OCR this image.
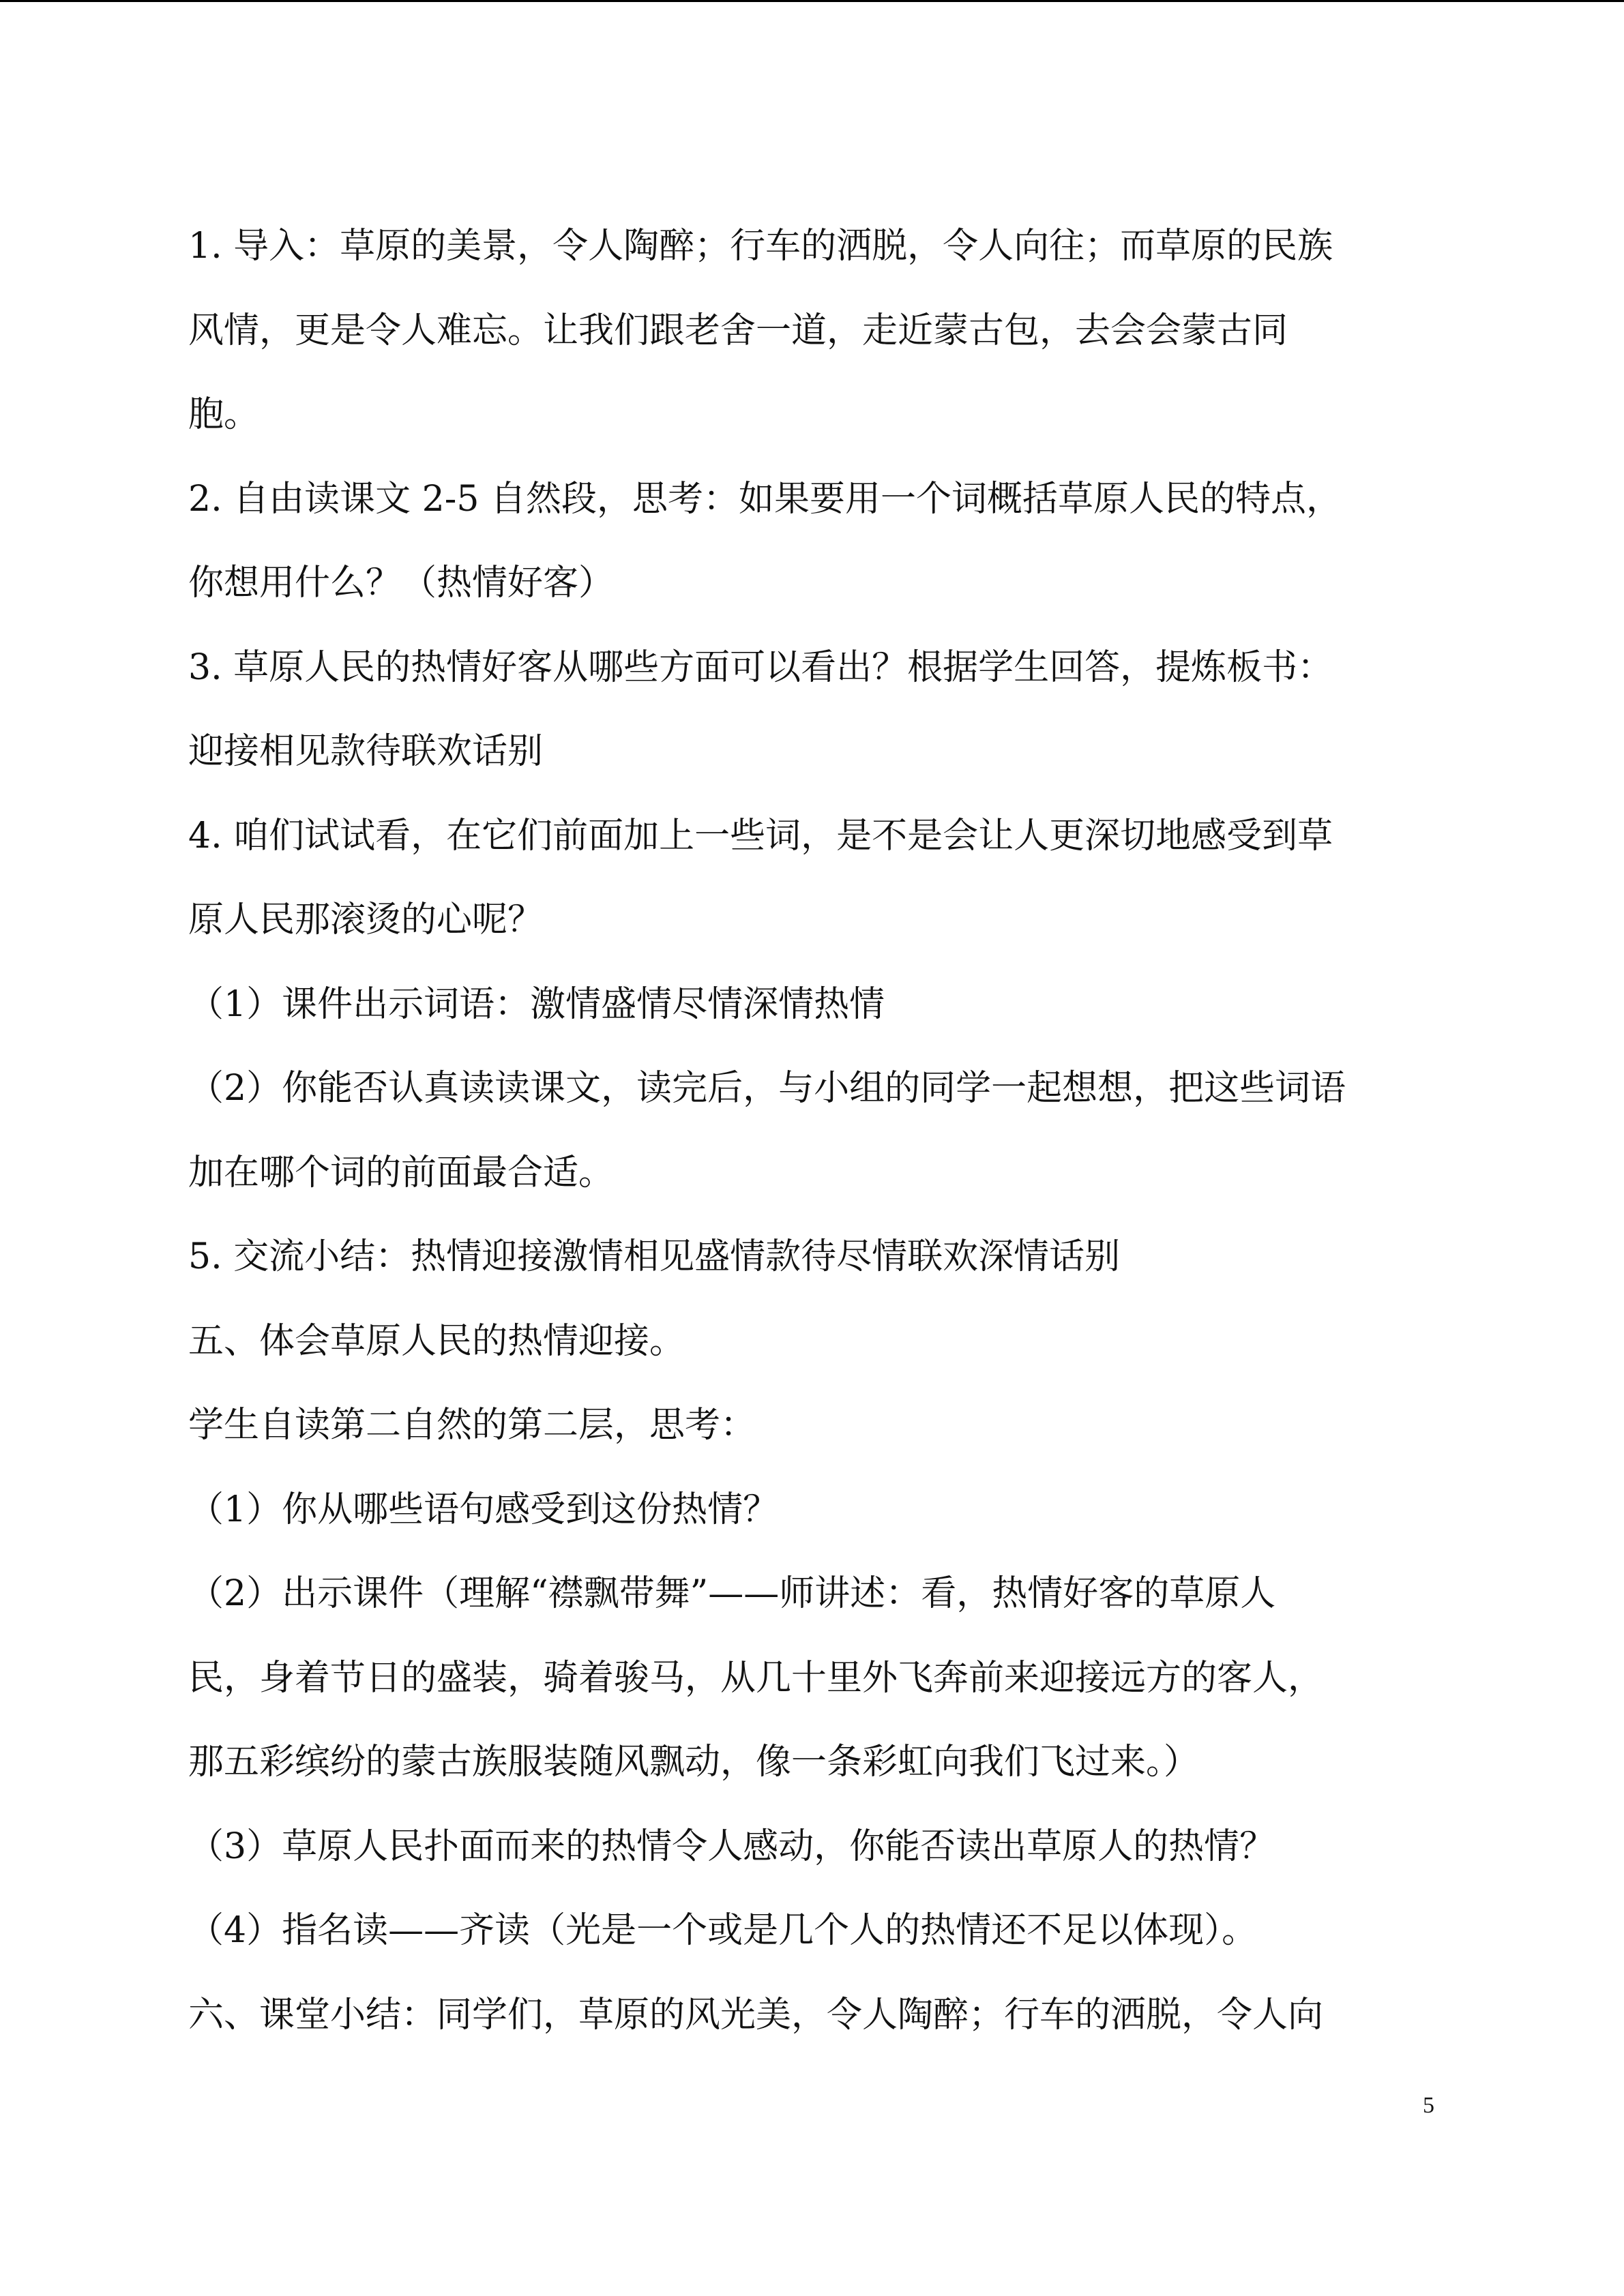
1. 导入：草原的美景，令人陶醉；行车的洒脱，令人向往；而草原的民族
风情，更是令人难忘。让我们跟老舍一道，走近蒙古包，去会会蒙古同
胞。
2. 自由读课文 2-5 自然段，思考：如果要用一个词概括草原人民的特点，
你想用什么？（热情好客）
3. 草原人民的热情好客从哪些方面可以看出？根据学生回答，提炼板书：
迎接相见款待联欢话别
4. 咱们试试看，在它们前面加上一些词，是不是会让人更深切地感受到草
原人民那滚烫的心呢？
（1）课件出示词语：激情盛情尽情深情热情
（2）你能否认真读读课文，读完后，与小组的同学一起想想，把这些词语
加在哪个词的前面最合适。
5. 交流小结：热情迎接激情相见盛情款待尽情联欢深情话别
五、体会草原人民的热情迎接。
学生自读第二自然的第二层，思考：
（1）你从哪些语句感受到这份热情？
（2）出示课件（理解“襟飘带舞”——师讲述：看，热情好客的草原人
民，身着节日的盛装，骑着骏马，从几十里外飞奔前来迎接远方的客人，
那五彩缤纷的蒙古族服装随风飘动，像一条彩虹向我们飞过来。）
（3）草原人民扑面而来的热情令人感动，你能否读出草原人的热情？
（4）指名读——齐读（光是一个或是几个人的热情还不足以体现）。
六、课堂小结：同学们，草原的风光美，令人陶醉；行车的洒脱，令人向
5
